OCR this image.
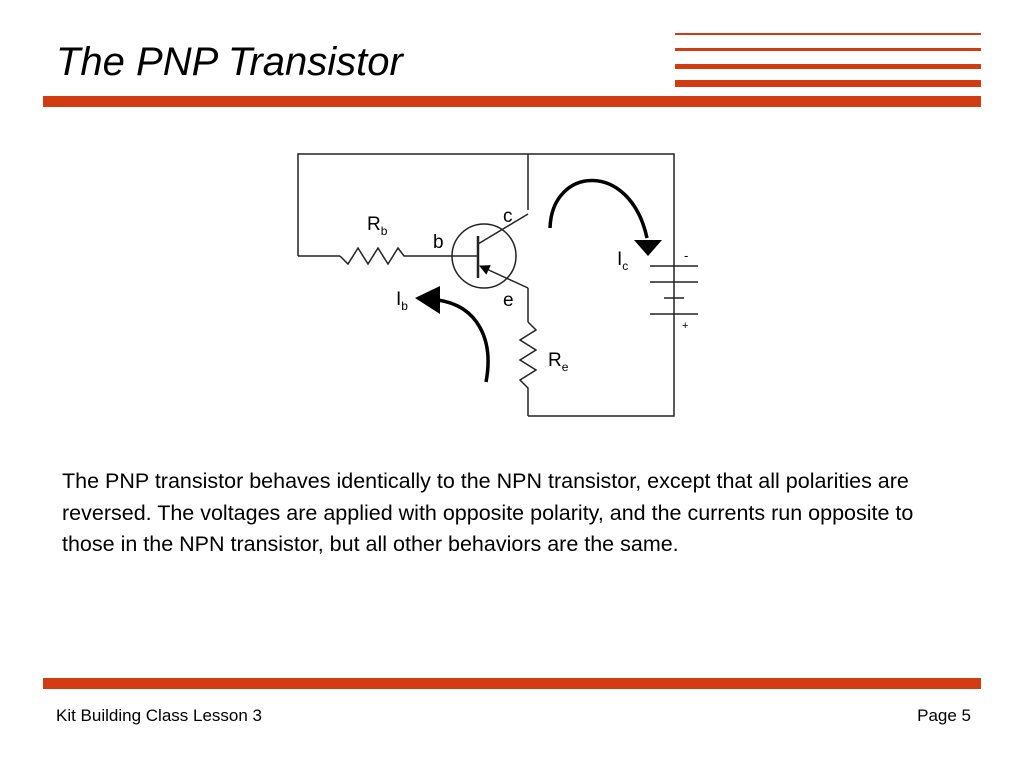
The PNP Transistor
$R_b$
b
c
e
$I_b$
$I_c$
$R_e$
-
+
The PNP transistor behaves identically to the NPN transistor, except that all polarities are reversed. The voltages are applied with opposite polarity, and the currents run opposite to those in the NPN transistor, but all other behaviors are the same.
Kit Building Class Lesson 3	Page 5
